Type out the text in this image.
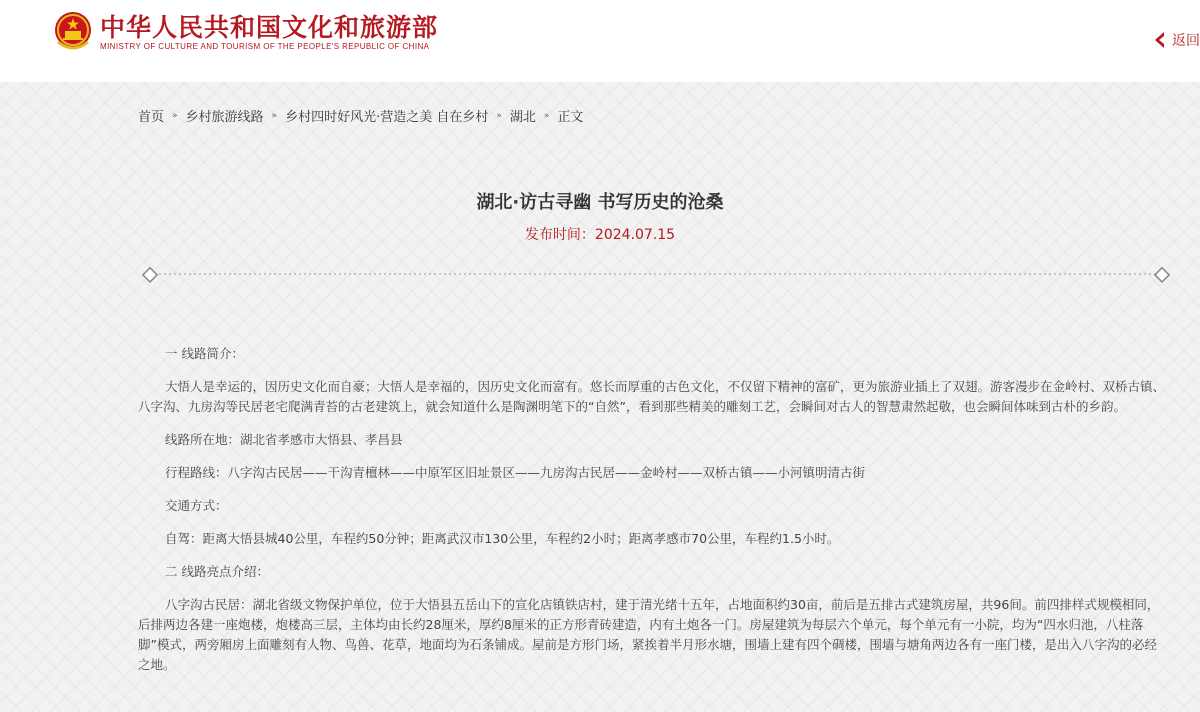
中华人民共和国文化和旅游部
MINISTRY OF CULTURE AND TOURISM OF THE PEOPLE'S REPUBLIC OF CHINA	返回
首页 » 乡村旅游线路 » 乡村四时好风光·营造之美 自在乡村 » 湖北 » 正文
湖北·访古寻幽 书写历史的沧桑
发布时间：2024.07.15

一 线路简介：

大悟人是幸运的，因历史文化而自豪；大悟人是幸福的，因历史文化而富有。悠长而厚重的古色文化，不仅留下精神的富矿，更为旅游业插上了双翅。游客漫步在金岭村、双桥古镇、八字沟、九房沟等民居老宅爬满青苔的古老建筑上，就会知道什么是陶渊明笔下的“自然”，看到那些精美的雕刻工艺，会瞬间对古人的智慧肃然起敬，也会瞬间体味到古朴的乡韵。

线路所在地：湖北省孝感市大悟县、孝昌县

行程路线：八字沟古民居——干沟青檀林——中原军区旧址景区——九房沟古民居——金岭村——双桥古镇——小河镇明清古街

交通方式：

自驾：距离大悟县城40公里，车程约50分钟；距离武汉市130公里，车程约2小时；距离孝感市70公里，车程约1.5小时。

二 线路亮点介绍：

八字沟古民居：湖北省级文物保护单位，位于大悟县五岳山下的宣化店镇铁店村，建于清光绪十五年，占地面积约30亩，前后是五排古式建筑房屋，共96间。前四排样式规模相同，后排两边各建一座炮楼，炮楼高三层，主体均由长约28厘米，厚约8厘米的正方形青砖建造，内有土炮各一门。房屋建筑为每层六个单元，每个单元有一小院，均为“四水归池，八柱落脚”模式，两旁厢房上面雕刻有人物、鸟兽、花草，地面均为石条铺成。屋前是方形门场，紧挨着半月形水塘，围墙上建有四个碉楼，围墙与塘角两边各有一座门楼，是出入八字沟的必经之地。
